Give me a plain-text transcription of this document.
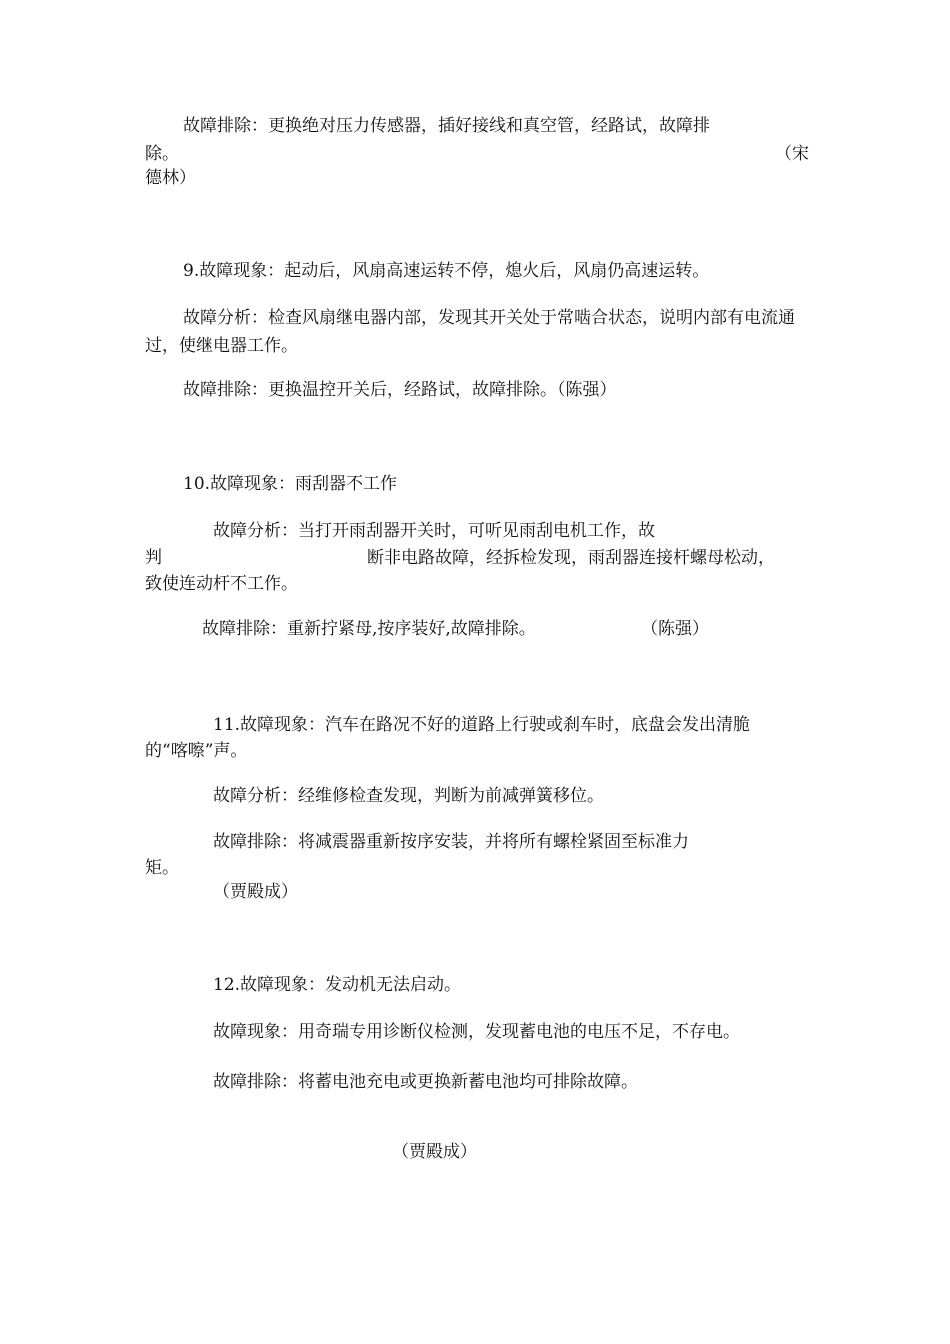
故障排除：更换绝对压力传感器，插好接线和真空管，经路试，故障排
除。	（宋
德林）
9.故障现象：起动后，风扇高速运转不停，熄火后，风扇仍高速运转。
故障分析：检查风扇继电器内部，发现其开关处于常啮合状态，说明内部有电流通过，使继电器工作。
故障排除：更换温控开关后，经路试，故障排除。（陈强）
10.故障现象：雨刮器不工作
故障分析：当打开雨刮器开关时，可听见雨刮电机工作，故
判	断非电路故障，经拆检发现，雨刮器连接杆螺母松动，
致使连动杆不工作。
故障排除：重新拧紧母,按序装好,故障排除。	（陈强）
11.故障现象：汽车在路况不好的道路上行驶或刹车时，底盘会发出清脆
的“喀嚓”声。
故障分析：经维修检查发现，判断为前减弹簧移位。
故障排除：将减震器重新按序安装，并将所有螺栓紧固至标准力
矩。
（贾殿成）
12.故障现象：发动机无法启动。
故障现象：用奇瑞专用诊断仪检测，发现蓄电池的电压不足，不存电。
故障排除：将蓄电池充电或更换新蓄电池均可排除故障。
（贾殿成）
